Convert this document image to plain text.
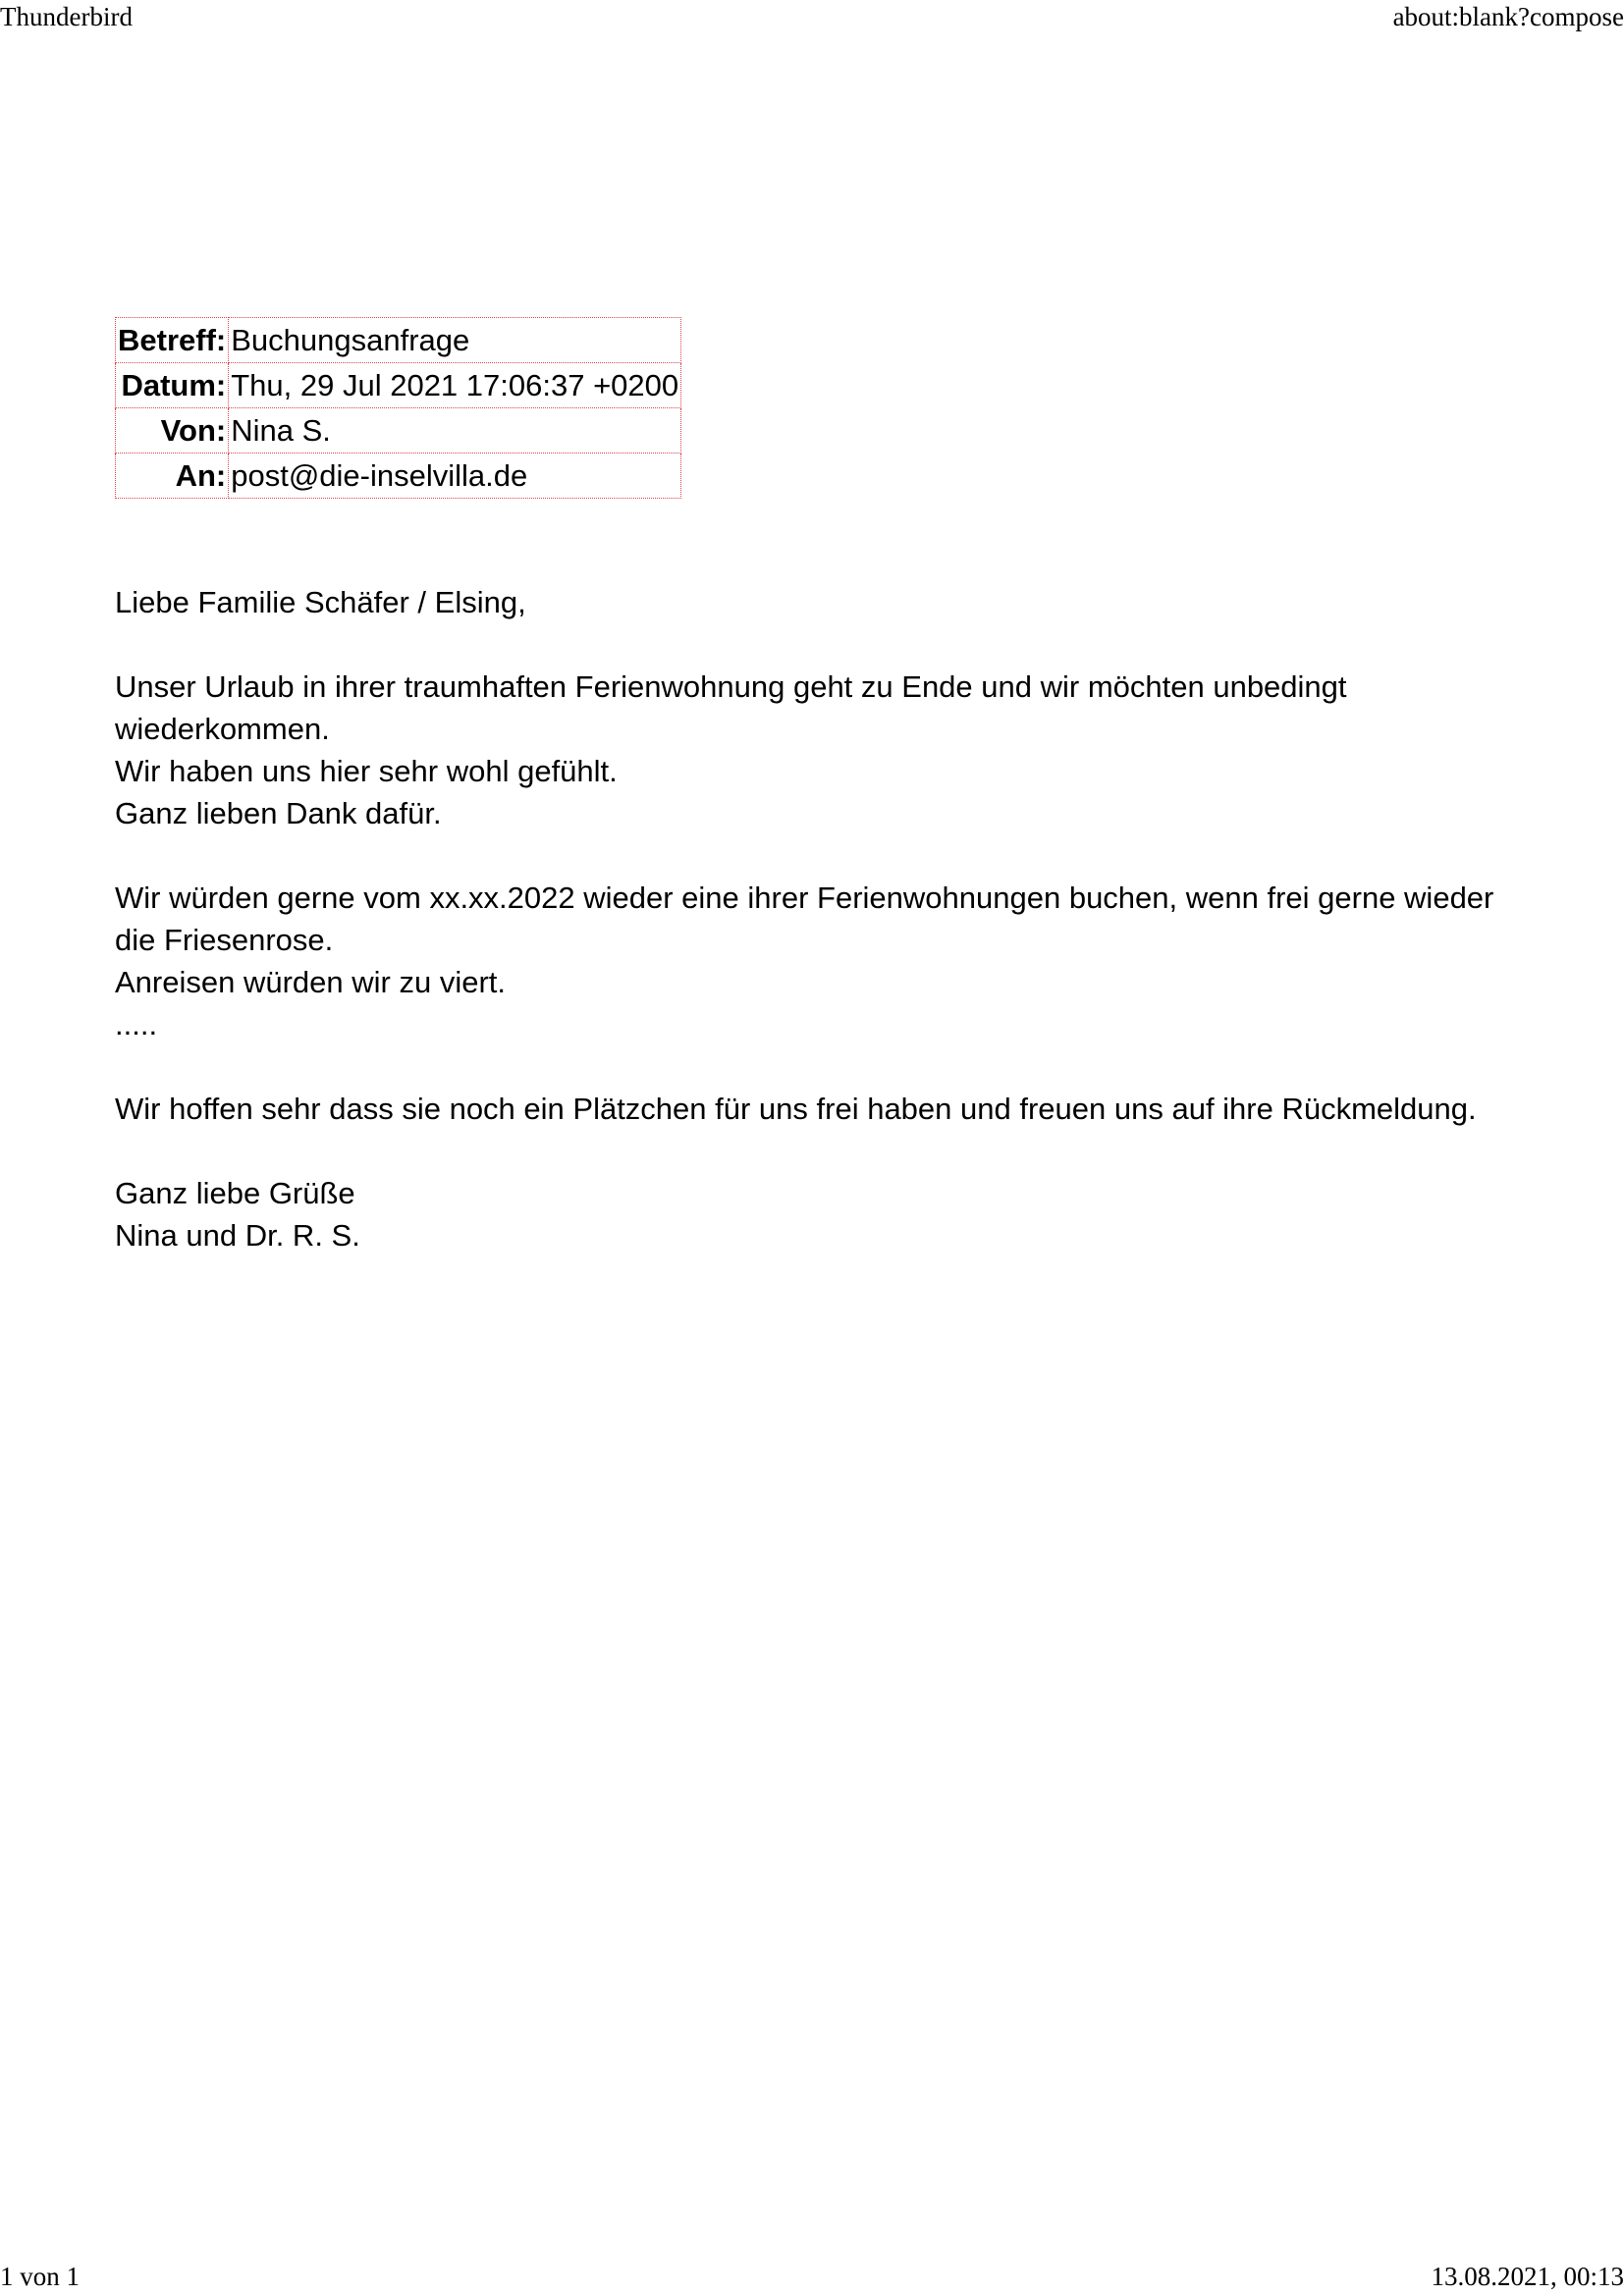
Thunderbird	about:blank?compose
Betreff:	Buchungsanfrage
Datum:	Thu, 29 Jul 2021 17:06:37 +0200
Von:	Nina S.
An:	post@die-inselvilla.de

Liebe Familie Schäfer / Elsing,

Unser Urlaub in ihrer traumhaften Ferienwohnung geht zu Ende und wir möchten unbedingt wiederkommen.
Wir haben uns hier sehr wohl gefühlt.
Ganz lieben Dank dafür.

Wir würden gerne vom xx.xx.2022 wieder eine ihrer Ferienwohnungen buchen, wenn frei gerne wieder die Friesenrose.
Anreisen würden wir zu viert.
.....

Wir hoffen sehr dass sie noch ein Plätzchen für uns frei haben und freuen uns auf ihre Rückmeldung.

Ganz liebe Grüße
Nina und Dr. R. S.

1 von 1	13.08.2021, 00:13
